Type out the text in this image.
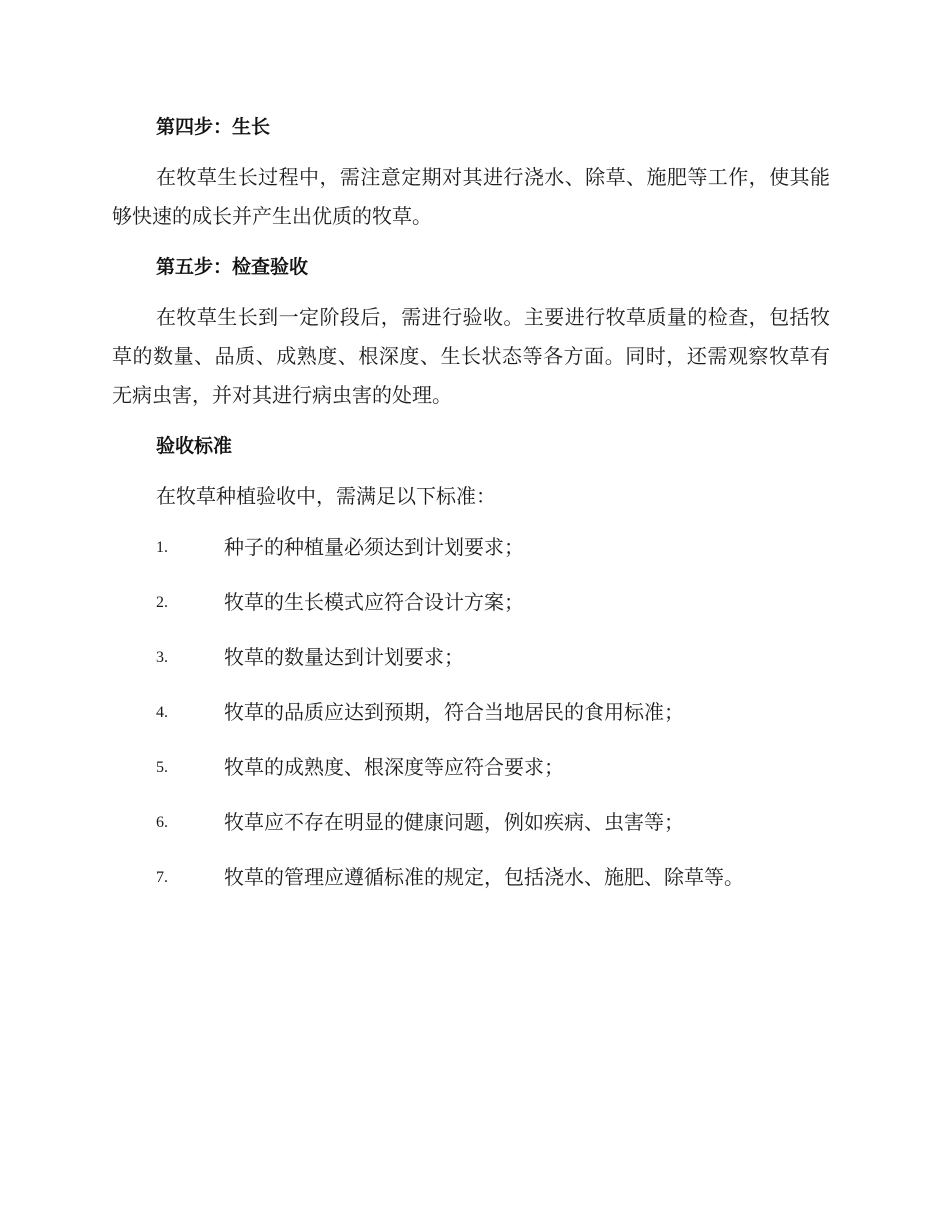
第四步：生长

在牧草生长过程中，需注意定期对其进行浇水、除草、施肥等工作，使其能够快速的成长并产生出优质的牧草。

第五步：检查验收

在牧草生长到一定阶段后，需进行验收。主要进行牧草质量的检查，包括牧草的数量、品质、成熟度、根深度、生长状态等各方面。同时，还需观察牧草有无病虫害，并对其进行病虫害的处理。

验收标准

在牧草种植验收中，需满足以下标准：

1.	种子的种植量必须达到计划要求；
2.	牧草的生长模式应符合设计方案；
3.	牧草的数量达到计划要求；
4.	牧草的品质应达到预期，符合当地居民的食用标准；
5.	牧草的成熟度、根深度等应符合要求；
6.	牧草应不存在明显的健康问题，例如疾病、虫害等；
7.	牧草的管理应遵循标准的规定，包括浇水、施肥、除草等。
